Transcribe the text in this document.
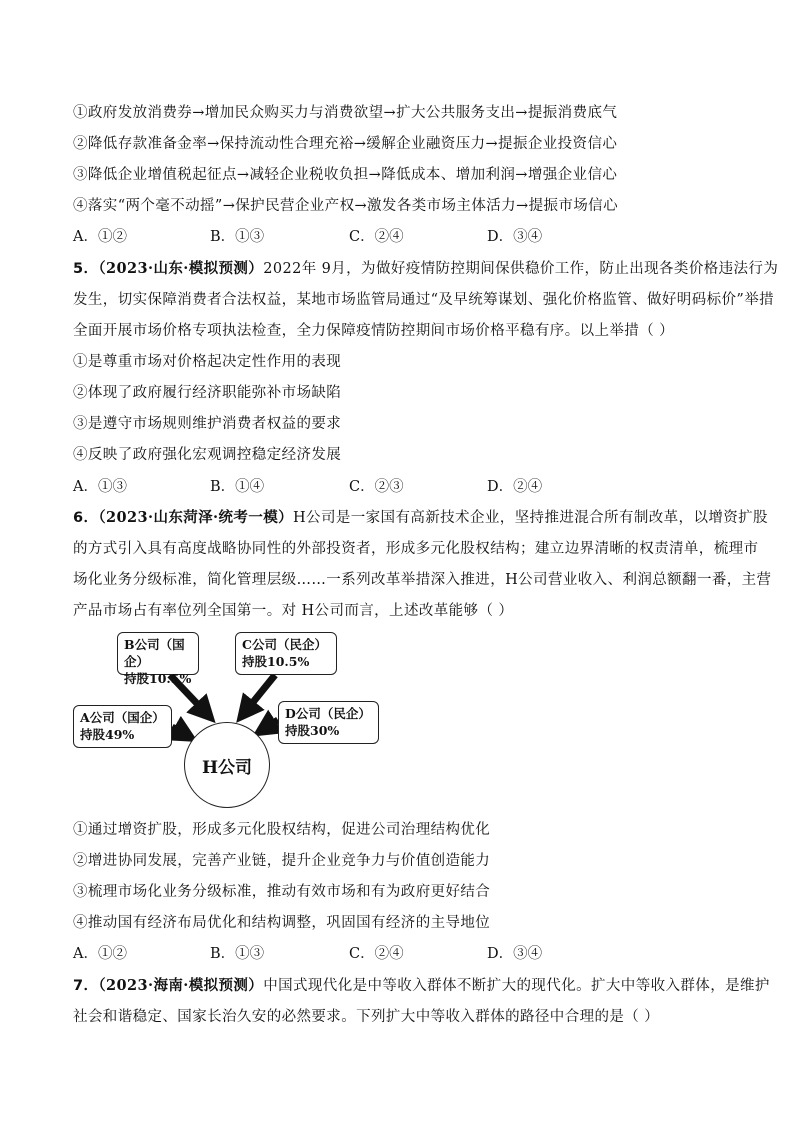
①政府发放消费券→增加民众购买力与消费欲望→扩大公共服务支出→提振消费底气
②降低存款准备金率→保持流动性合理充裕→缓解企业融资压力→提振企业投资信心
③降低企业增值税起征点→减轻企业税收负担→降低成本、增加利润→增强企业信心
④落实“两个毫不动摇”→保护民营企业产权→激发各类市场主体活力→提振市场信心
A．①②	B．①③	C．②④	D．③④
5．（2023·山东·模拟预测）2022年 9月，为做好疫情防控期间保供稳价工作，防止出现各类价格违法行为
发生，切实保障消费者合法权益，某地市场监管局通过“及早统筹谋划、强化价格监管、做好明码标价”举措
全面开展市场价格专项执法检查，全力保障疫情防控期间市场价格平稳有序。以上举措（ ）
①是尊重市场对价格起决定性作用的表现
②体现了政府履行经济职能弥补市场缺陷
③是遵守市场规则维护消费者权益的要求
④反映了政府强化宏观调控稳定经济发展
A．①③	B．①④	C．②③	D．②④
6．（2023·山东菏泽·统考一模）H公司是一家国有高新技术企业，坚持推进混合所有制改革，以增资扩股
的方式引入具有高度战略协同性的外部投资者，形成多元化股权结构；建立边界清晰的权责清单，梳理市
场化业务分级标准，简化管理层级……一系列改革举措深入推进，H公司营业收入、利润总额翻一番，主营
产品市场占有率位列全国第一。对 H公司而言，上述改革能够（ ）
B公司（国企）
持股10.5%
C公司（民企）
持股10.5%
A公司（国企）
持股49%
D公司（民企）
持股30%
H公司
①通过增资扩股，形成多元化股权结构，促进公司治理结构优化
②增进协同发展，完善产业链，提升企业竞争力与价值创造能力
③梳理市场化业务分级标准，推动有效市场和有为政府更好结合
④推动国有经济布局优化和结构调整，巩固国有经济的主导地位
A．①②	B．①③	C．②④	D．③④
7．（2023·海南·模拟预测）中国式现代化是中等收入群体不断扩大的现代化。扩大中等收入群体，是维护
社会和谐稳定、国家长治久安的必然要求。下列扩大中等收入群体的路径中合理的是（ ）
